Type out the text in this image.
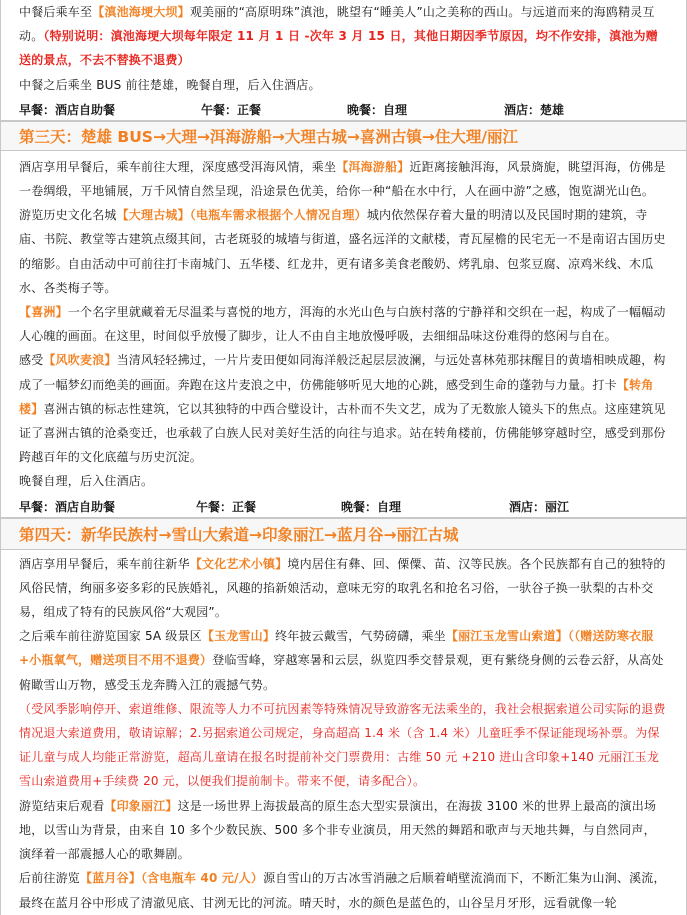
中餐后乘车至【滇池海埂大坝】观美丽的“高原明珠”滇池，眺望有“睡美人”山之美称的西山。与远道而来的海鸥精灵互动。（特别说明：滇池海埂大坝每年限定 11 月 1 日 -次年 3 月 15 日，其他日期因季节原因，均不作安排，滇池为赠送的景点，不去不替换不退费）

中餐之后乘坐 BUS 前往楚雄，晚餐自理，后入住酒店。

早餐：酒店自助餐	午餐：正餐	晚餐：自理	酒店：楚雄
第三天：楚雄 BUS→大理→洱海游船→大理古城→喜洲古镇→住大理/丽江

酒店享用早餐后，乘车前往大理，深度感受洱海风情，乘坐【洱海游船】近距离接触洱海，风景旖旎，眺望洱海，仿佛是一卷绸缎，平地铺展，万千风情自然呈现，沿途景色优美，给你一种“船在水中行，人在画中游”之感，饱览湖光山色。

游览历史文化名城【大理古城】（电瓶车需求根据个人情况自理）城内依然保存着大量的明清以及民国时期的建筑，寺庙、书院、教堂等古建筑点缀其间，古老斑驳的城墙与街道，盛名远洋的文献楼，青瓦屋檐的民宅无一不是南诏古国历史的缩影。自由活动中可前往打卡南城门、五华楼、红龙井，更有诸多美食老酸奶、烤乳扇、包浆豆腐、凉鸡米线、木瓜水、各类梅子等。

【喜洲】一个名字里就藏着无尽温柔与喜悦的地方，洱海的水光山色与白族村落的宁静祥和交织在一起，构成了一幅幅动人心魄的画面。在这里，时间似乎放慢了脚步，让人不由自主地放慢呼吸，去细细品味这份难得的悠闲与自在。

感受【风吹麦浪】当清风轻轻拂过，一片片麦田便如同海洋般泛起层层波澜，与远处喜林苑那抹醒目的黄墙相映成趣，构成了一幅梦幻而绝美的画面。奔跑在这片麦浪之中，仿佛能够听见大地的心跳，感受到生命的蓬勃与力量。打卡【转角楼】喜洲古镇的标志性建筑，它以其独特的中西合璧设计，古朴而不失文艺，成为了无数旅人镜头下的焦点。这座建筑见证了喜洲古镇的沧桑变迁，也承载了白族人民对美好生活的向往与追求。站在转角楼前，仿佛能够穿越时空，感受到那份跨越百年的文化底蕴与历史沉淀。

晚餐自理，后入住酒店。

早餐：酒店自助餐	午餐：正餐	晚餐：自理	酒店：丽江
第四天：新华民族村→雪山大索道→印象丽江→蓝月谷→丽江古城

酒店享用早餐后，乘车前往新华【文化艺术小镇】境内居住有彝、回、傈僳、苗、汉等民族。各个民族都有自己的独特的风俗民情，绚丽多姿多彩的民族婚礼，风趣的掐新娘活动，意味无穷的取乳名和抢名习俗，一驮谷子换一驮梨的古朴交易，组成了特有的民族风俗“大观园”。

之后乘车前往游览国家 5A 级景区【玉龙雪山】终年披云戴雪，气势磅礴，乘坐【丽江玉龙雪山索道】（（赠送防寒衣服+小瓶氧气，赠送项目不用不退费）登临雪峰，穿越寒暑和云层，纵览四季交替景观，更有紫绕身侧的云卷云舒，从高处俯瞰雪山万物，感受玉龙奔腾入江的震撼气势。

（受风季影响停开、索道维修、限流等人力不可抗因素等特殊情况导致游客无法乘坐的，我社会根据索道公司实际的退费情况退大索道费用，敬请谅解；2.另据索道公司规定，身高超高 1.4 米（含 1.4 米）儿童旺季不保证能现场补票。为保证儿童与成人均能正常游览，超高儿童请在报名时提前补交门票费用：古维 50 元 +210 进山含印象+140 元丽江玉龙雪山索道费用+手续费 20 元，以便我们提前制卡。带来不便，请多配合）。

游览结束后观看【印象丽江】这是一场世界上海拔最高的原生态大型实景演出，在海拔 3100 米的世界上最高的演出场地，以雪山为背景，由来自 10 多个少数民族、500 多个非专业演员，用天然的舞蹈和歌声与天地共舞，与自然同声，演绎着一部震撼人心的歌舞剧。

后前往游览【蓝月谷】（含电瓶车 40 元/人）源自雪山的万古冰雪消融之后顺着峭壁流淌而下，不断汇集为山涧、溪流，最终在蓝月谷中形成了清澈见底、甘洌无比的河流。晴天时，水的颜色是蓝色的，山谷呈月牙形，远看就像一轮
